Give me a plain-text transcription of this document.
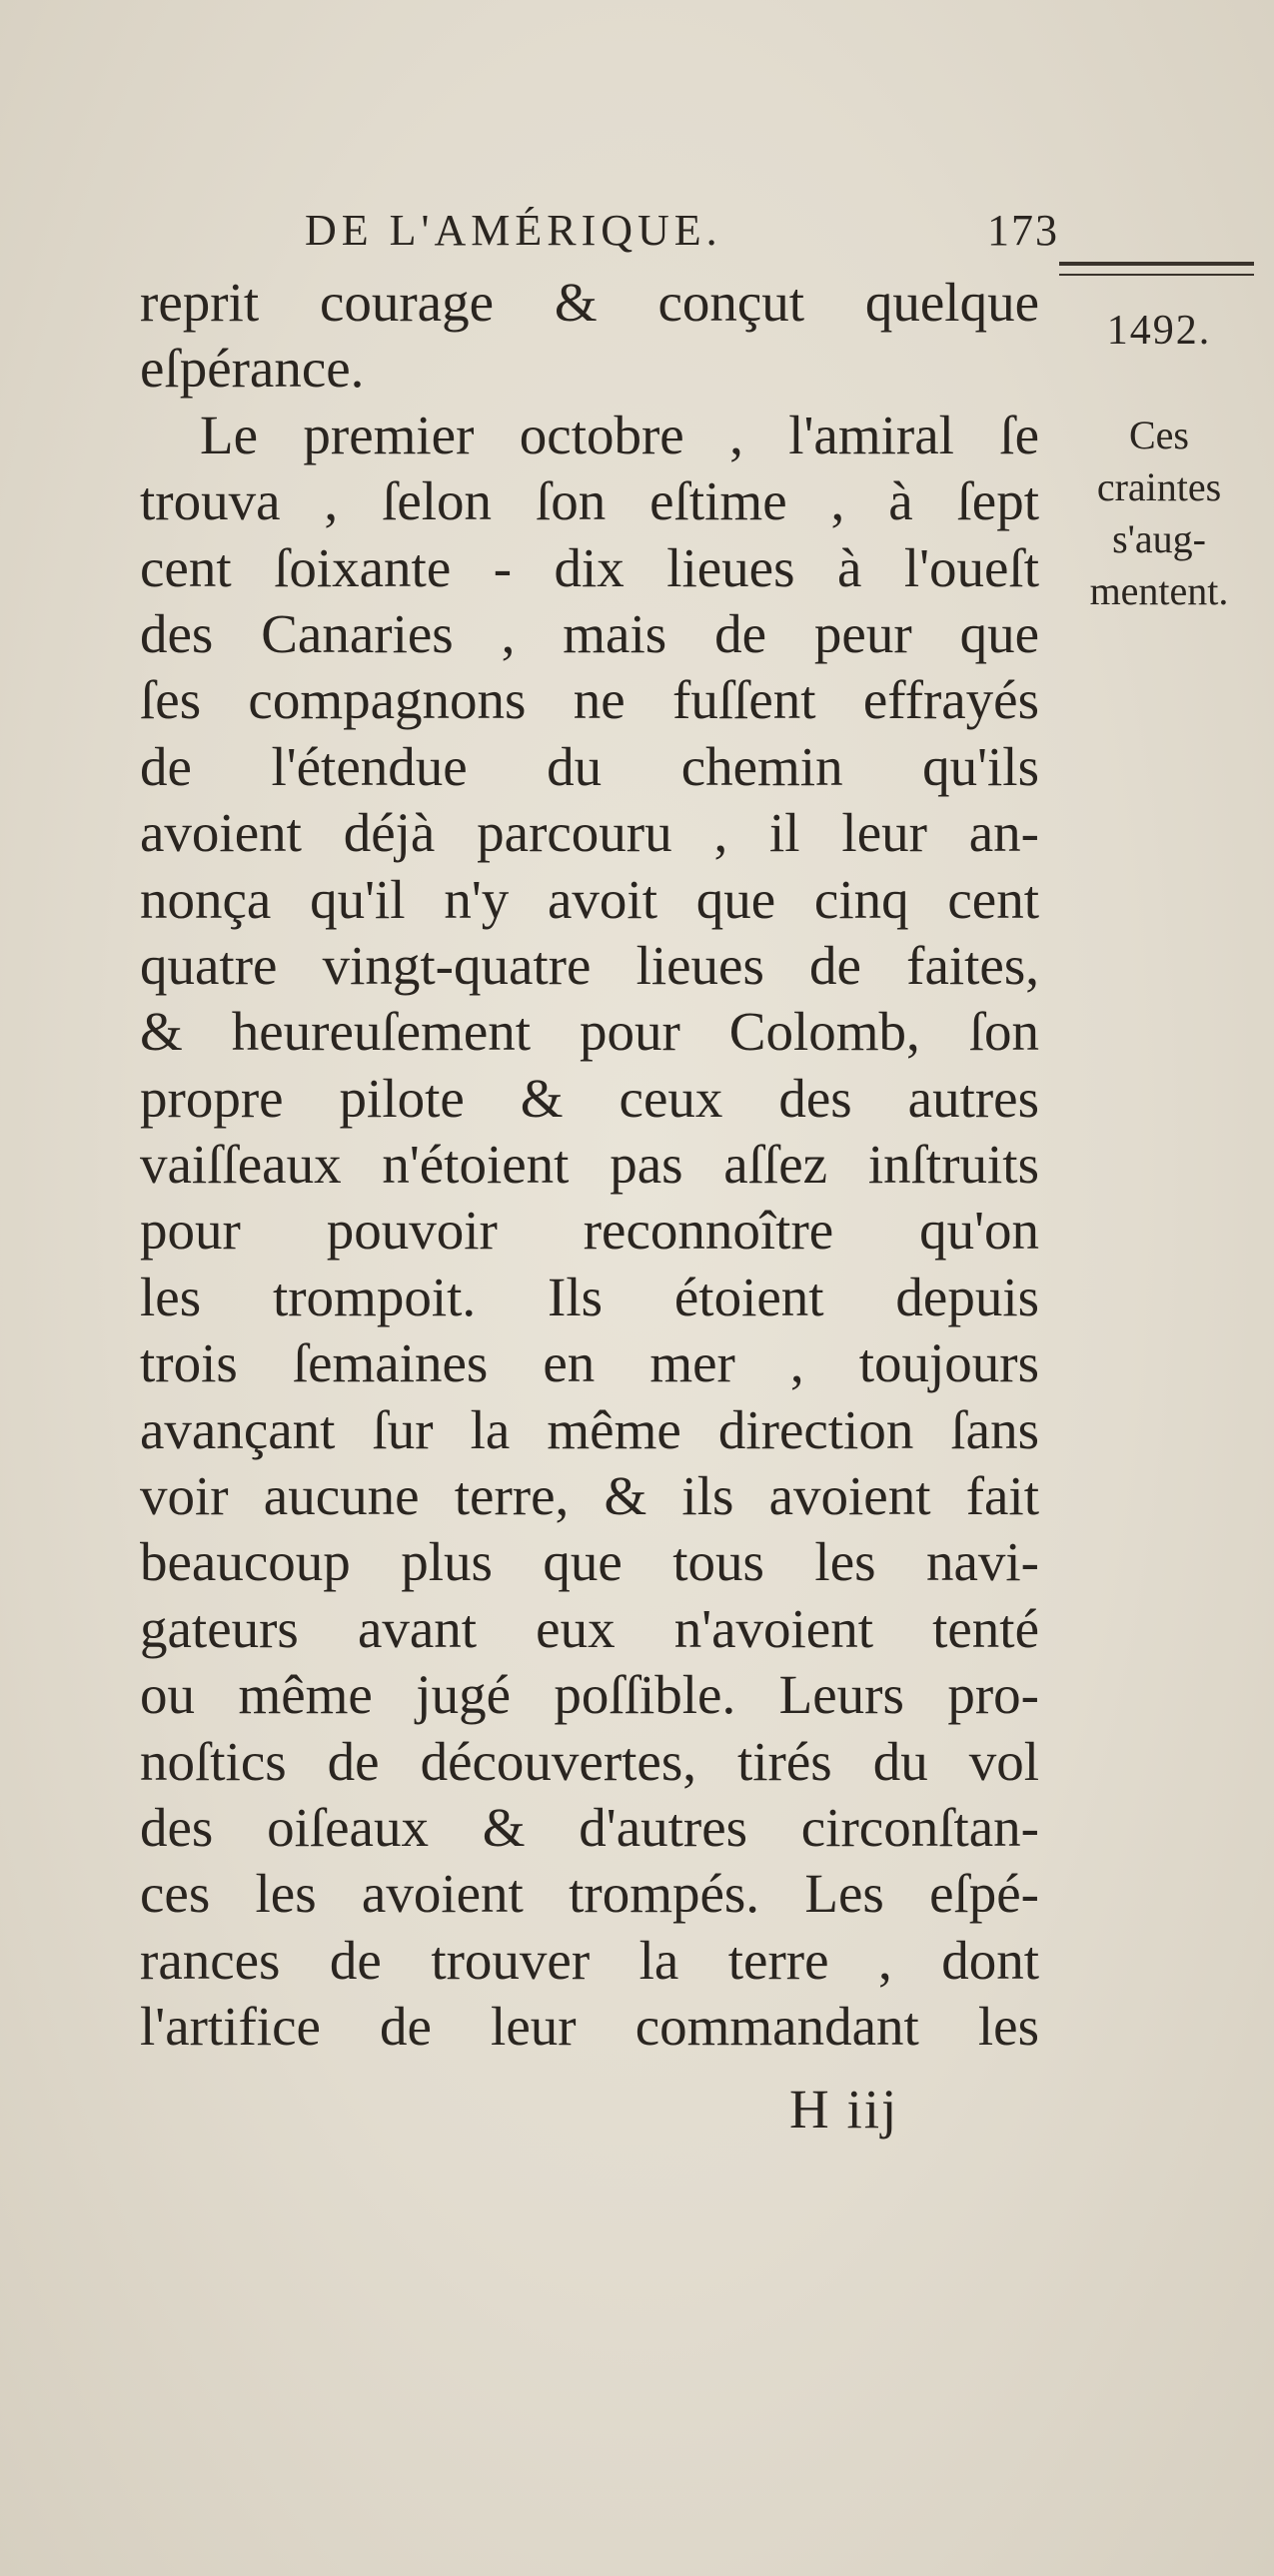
DE L'AMÉRIQUE.	173
1492.
Ces
craintes
s'aug-
mentent.
reprit courage & conçut quelque
eſpérance.
Le premier octobre , l'amiral ſe
trouva , ſelon ſon eſtime , à ſept
cent ſoixante - dix lieues à l'oueſt
des Canaries , mais de peur que
ſes compagnons ne fuſſent effrayés
de l'étendue du chemin qu'ils
avoient déjà parcouru , il leur an-
nonça qu'il n'y avoit que cinq cent
quatre vingt-quatre lieues de faites,
& heureuſement pour Colomb, ſon
propre pilote & ceux des autres
vaiſſeaux n'étoient pas aſſez inſtruits
pour pouvoir reconnoître qu'on
les trompoit. Ils étoient depuis
trois ſemaines en mer , toujours
avançant ſur la même direction ſans
voir aucune terre, & ils avoient fait
beaucoup plus que tous les navi-
gateurs avant eux n'avoient tenté
ou même jugé poſſible. Leurs pro-
noſtics de découvertes, tirés du vol
des oiſeaux & d'autres circonſtan-
ces les avoient trompés. Les eſpé-
rances de trouver la terre , dont
l'artifice de leur commandant les
H iij
